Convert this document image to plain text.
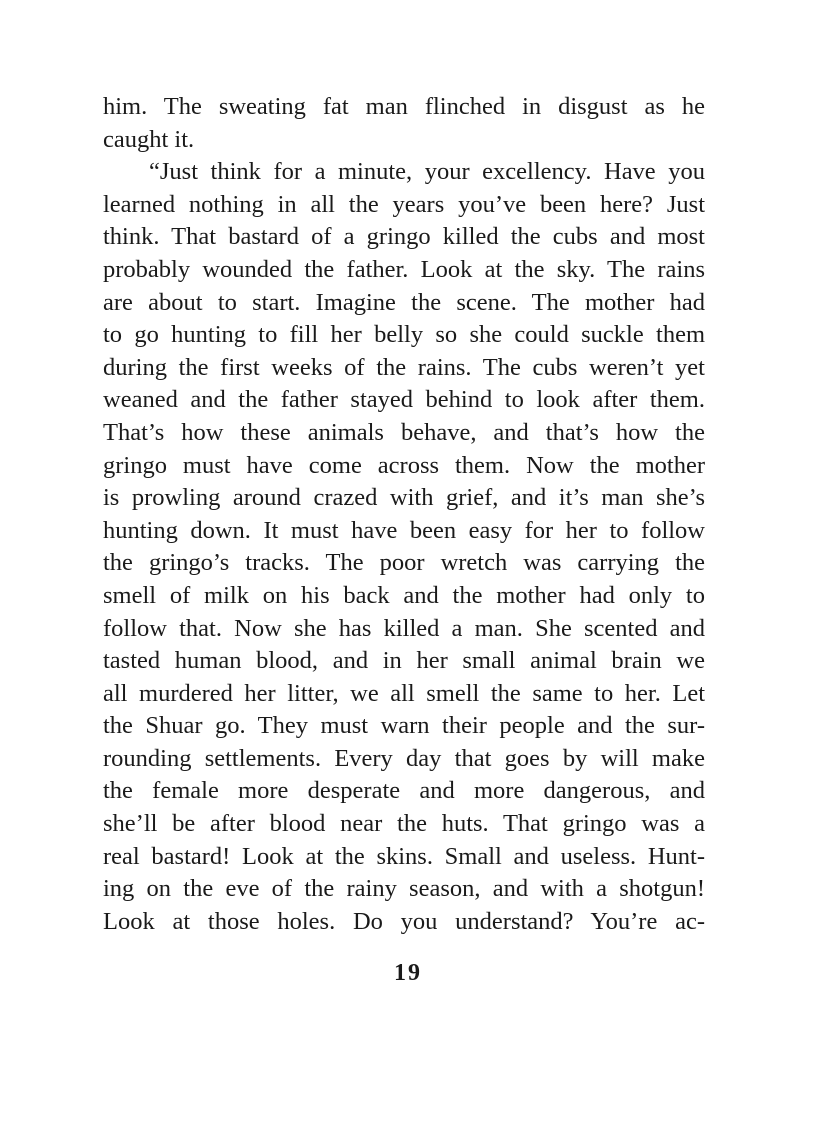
him. The sweating fat man flinched in disgust as he
caught it.
“Just think for a minute, your excellency. Have you
learned nothing in all the years you’ve been here? Just
think. That bastard of a gringo killed the cubs and most
probably wounded the father. Look at the sky. The rains
are about to start. Imagine the scene. The mother had
to go hunting to fill her belly so she could suckle them
during the first weeks of the rains. The cubs weren’t yet
weaned and the father stayed behind to look after them.
That’s how these animals behave, and that’s how the
gringo must have come across them. Now the mother
is prowling around crazed with grief, and it’s man she’s
hunting down. It must have been easy for her to follow
the gringo’s tracks. The poor wretch was carrying the
smell of milk on his back and the mother had only to
follow that. Now she has killed a man. She scented and
tasted human blood, and in her small animal brain we
all murdered her litter, we all smell the same to her. Let
the Shuar go. They must warn their people and the sur-
rounding settlements. Every day that goes by will make
the female more desperate and more dangerous, and
she’ll be after blood near the huts. That gringo was a
real bastard! Look at the skins. Small and useless. Hunt-
ing on the eve of the rainy season, and with a shotgun!
Look at those holes. Do you understand? You’re ac-
19
